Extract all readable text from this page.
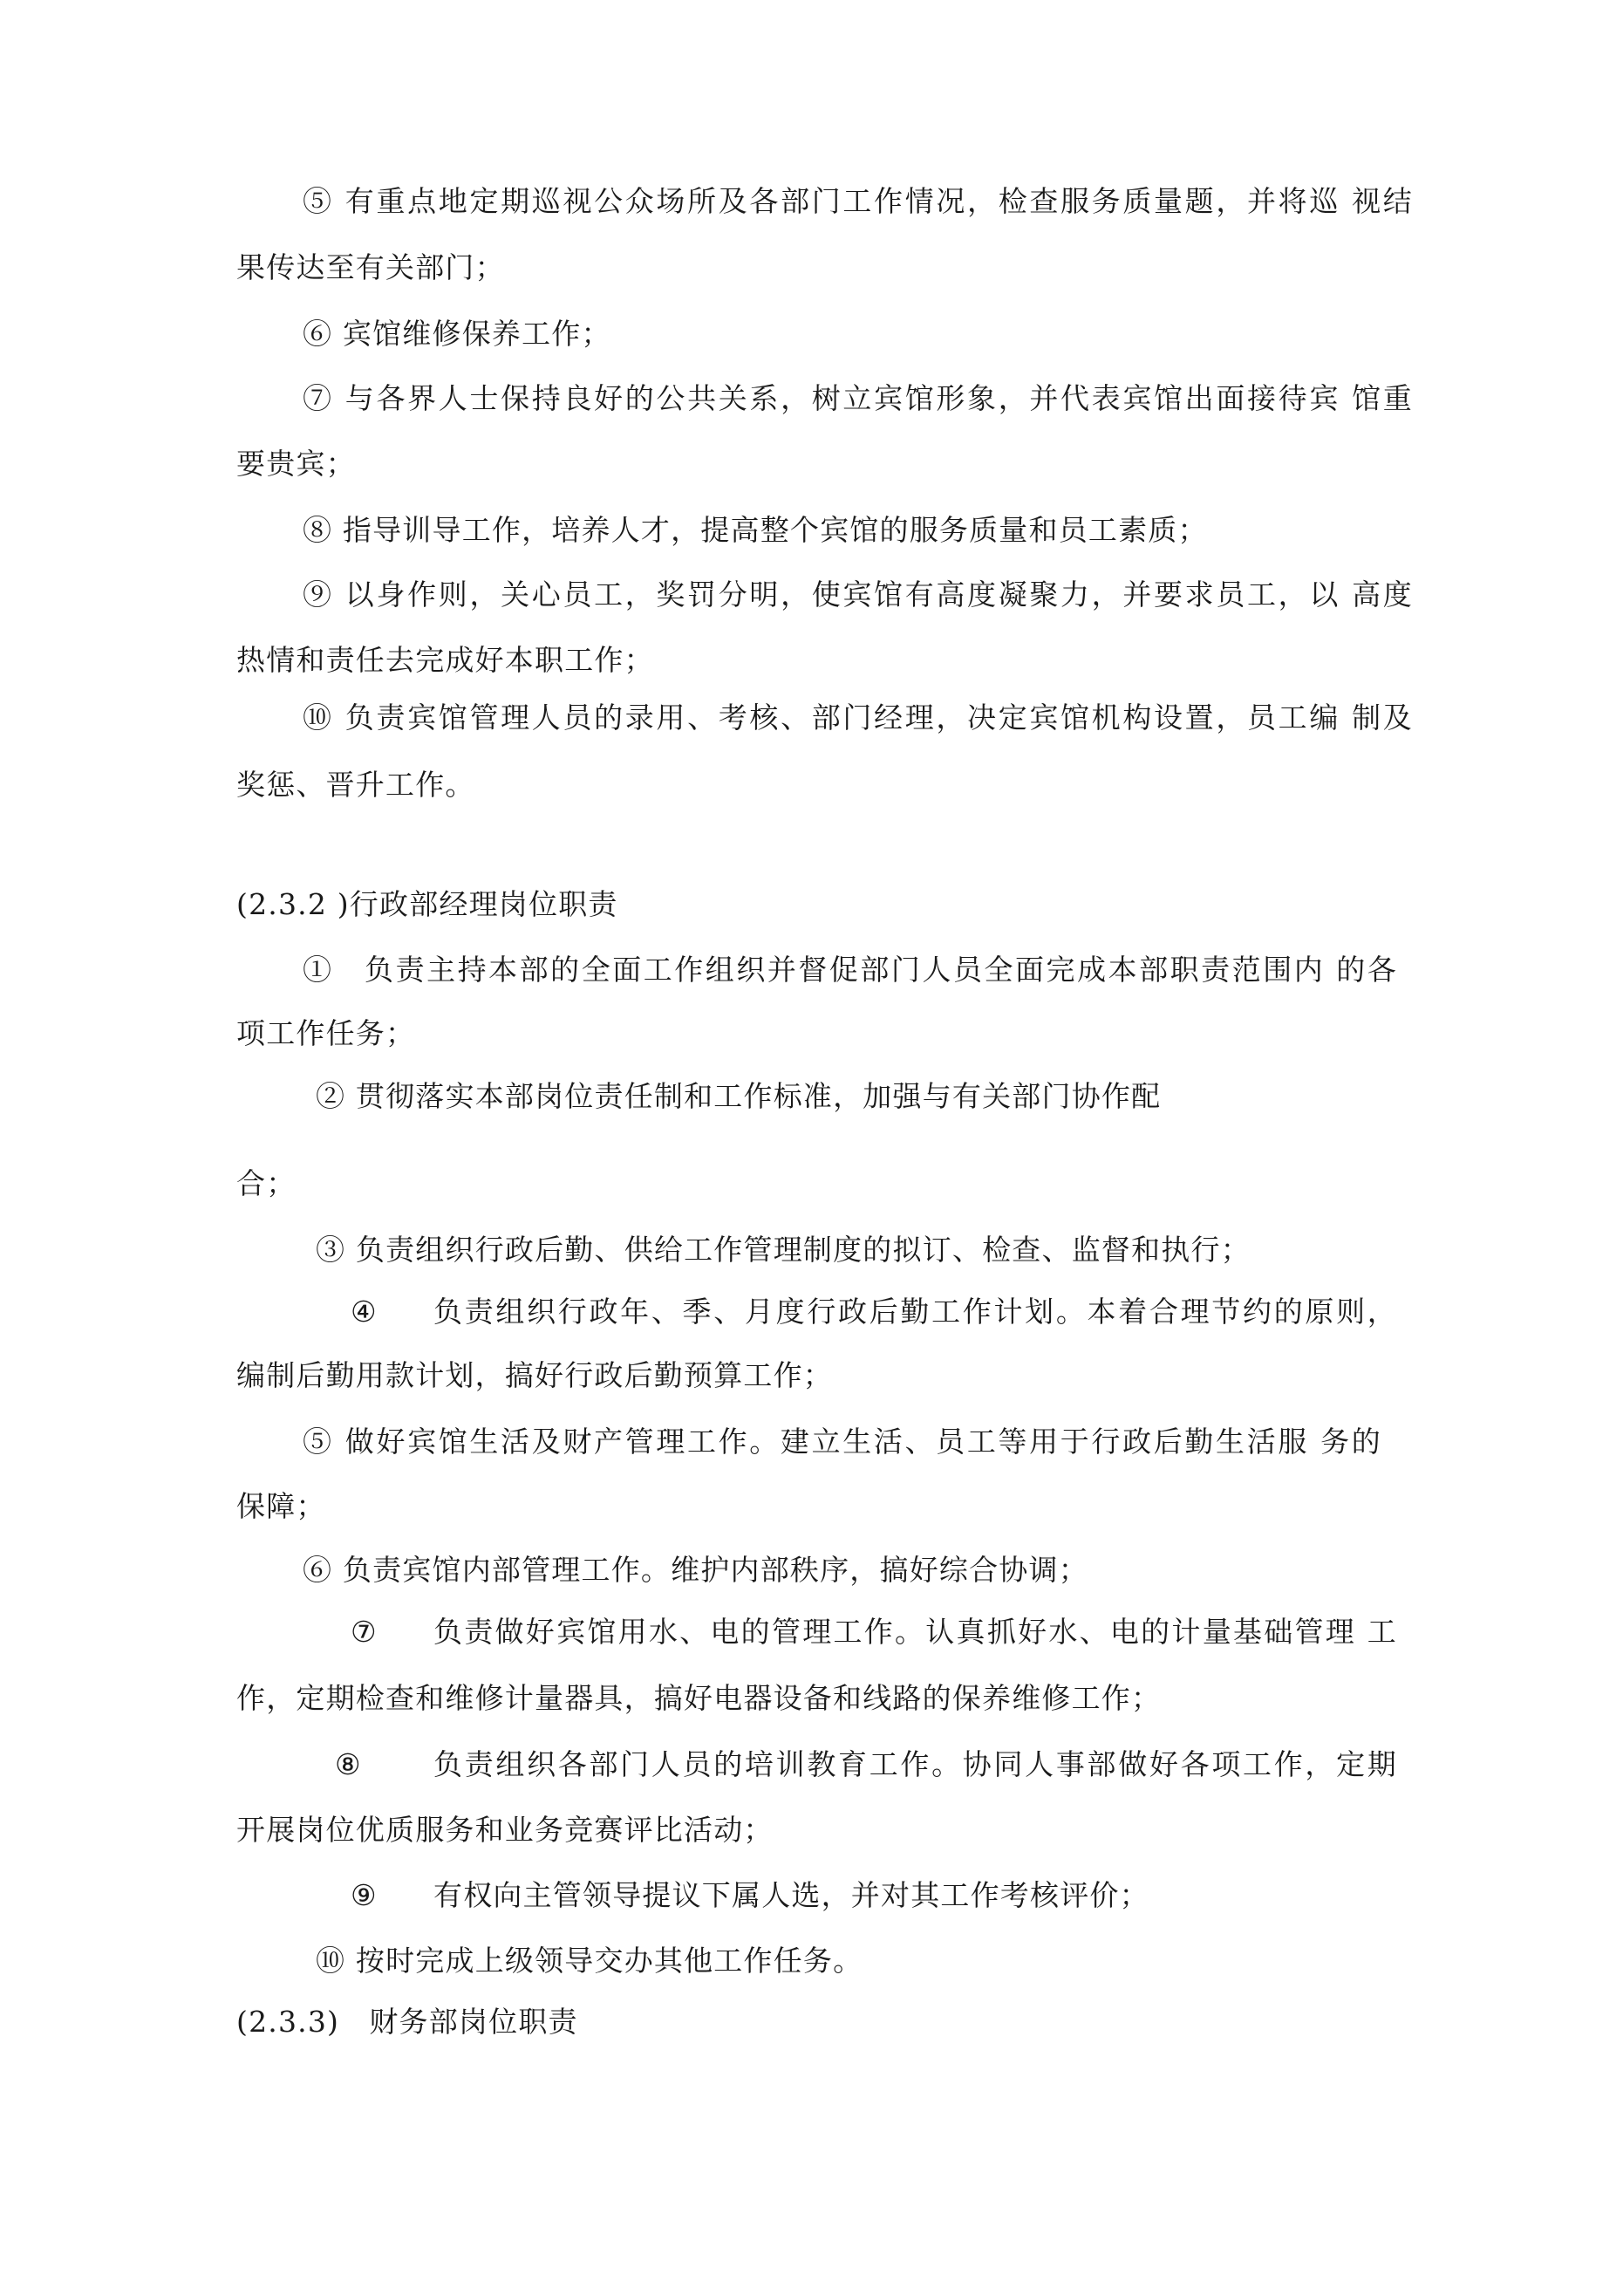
⑤ 有重点地定期巡视公众场所及各部门工作情况，检查服务质量题，并将巡 视结
果传达至有关部门；
⑥ 宾馆维修保养工作；
⑦ 与各界人士保持良好的公共关系，树立宾馆形象，并代表宾馆出面接待宾 馆重
要贵宾；
⑧ 指导训导工作，培养人才，提高整个宾馆的服务质量和员工素质；
⑨ 以身作则，关心员工，奖罚分明，使宾馆有高度凝聚力，并要求员工，以 高度
热情和责任去完成好本职工作；
⑩ 负责宾馆管理人员的录用、考核、部门经理，决定宾馆机构设置，员工编 制及
奖惩、晋升工作。
(2.3.2 )行政部经理岗位职责
①　负责主持本部的全面工作组织并督促部门人员全面完成本部职责范围内 的各
项工作任务；
② 贯彻落实本部岗位责任制和工作标准，加强与有关部门协作配
合；
③ 负责组织行政后勤、供给工作管理制度的拟订、检查、监督和执行；
④ 负责组织行政年、季、月度行政后勤工作计划。本着合理节约的原则，
编制后勤用款计划，搞好行政后勤预算工作；
⑤ 做好宾馆生活及财产管理工作。建立生活、员工等用于行政后勤生活服 务的
保障；
⑥ 负责宾馆内部管理工作。维护内部秩序，搞好综合协调；
⑦ 负责做好宾馆用水、电的管理工作。认真抓好水、电的计量基础管理 工
作，定期检查和维修计量器具，搞好电器设备和线路的保养维修工作；
⑧ 负责组织各部门人员的培训教育工作。协同人事部做好各项工作，定期
开展岗位优质服务和业务竞赛评比活动；
⑨ 有权向主管领导提议下属人选，并对其工作考核评价；
⑩ 按时完成上级领导交办其他工作任务。
(2.3.3)　财务部岗位职责
